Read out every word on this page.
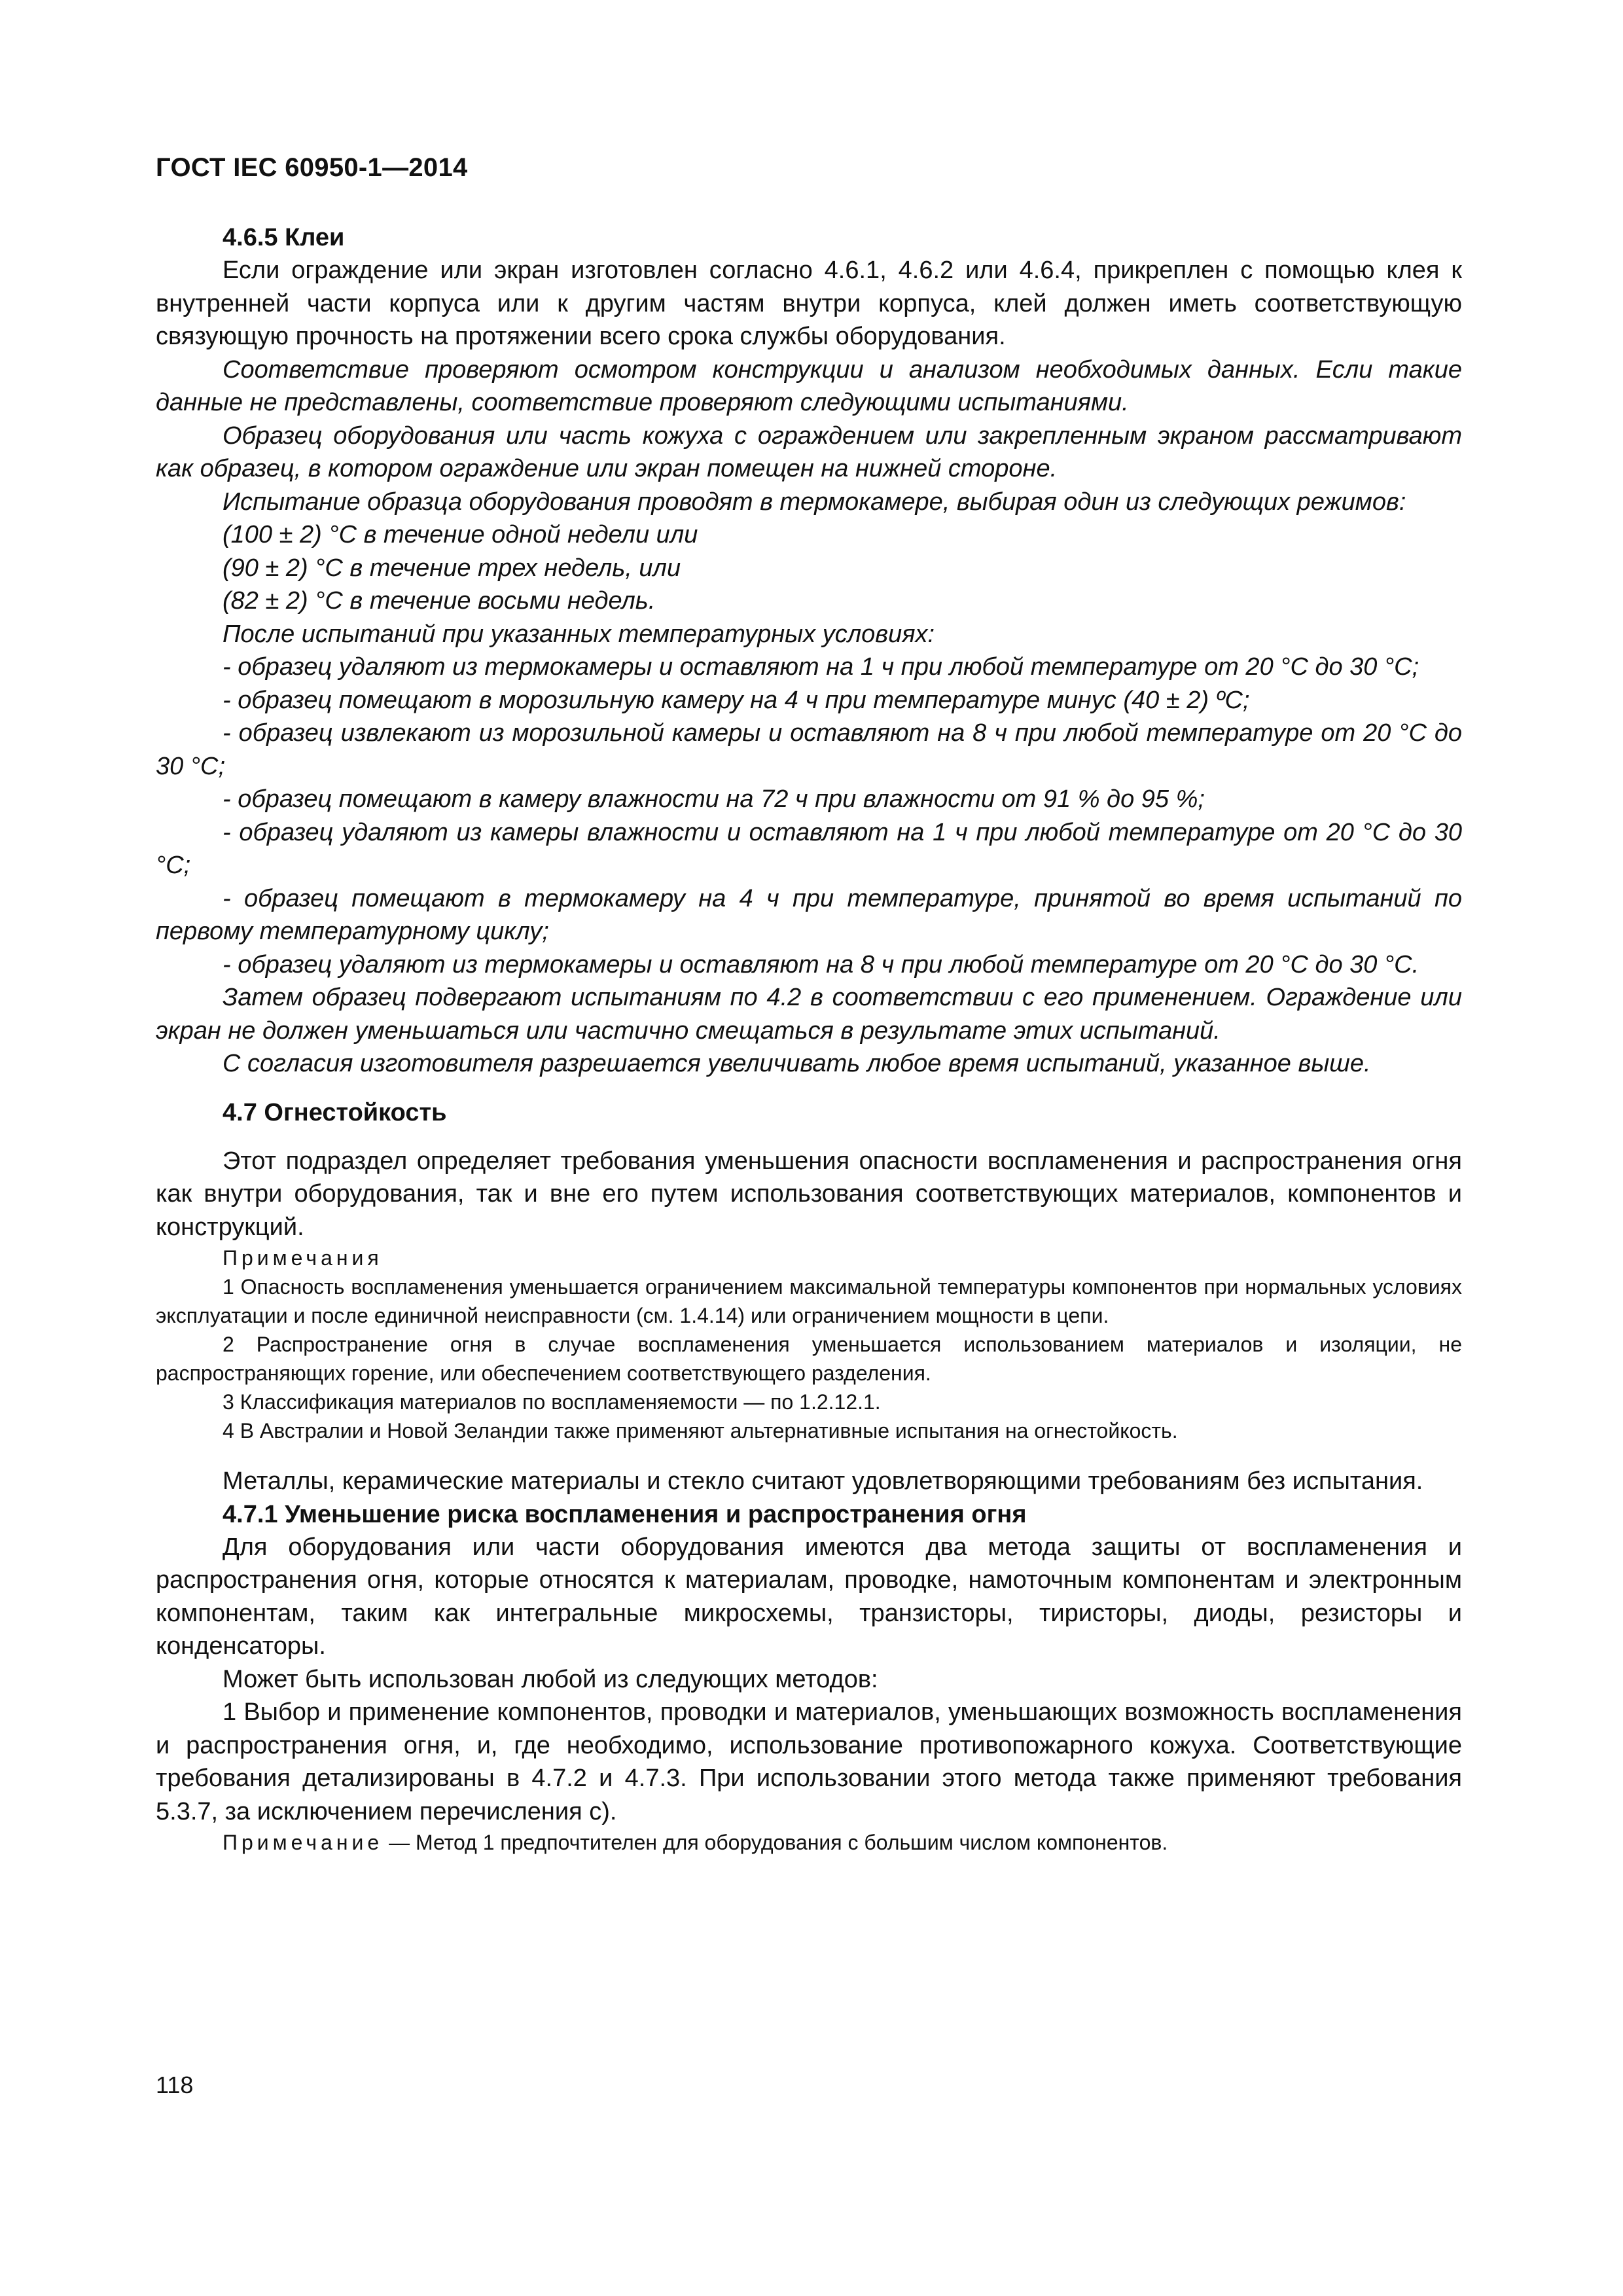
ГОСТ IEC 60950-1—2014

4.6.5 Клеи

Если ограждение или экран изготовлен согласно 4.6.1, 4.6.2 или 4.6.4, прикреплен с помощью клея к внутренней части корпуса или к другим частям внутри корпуса, клей должен иметь соответствующую связующую прочность на протяжении всего срока службы оборудования.

Соответствие проверяют осмотром конструкции и анализом необходимых данных. Если такие данные не представлены, соответствие проверяют следующими испытаниями.

Образец оборудования или часть кожуха с ограждением или закрепленным экраном рассматривают как образец, в котором ограждение или экран помещен на нижней стороне.

Испытание образца оборудования проводят в термокамере, выбирая один из следующих режимов:

(100 ± 2) °С в течение одной недели или

(90 ± 2) °С в течение трех недель, или

(82 ± 2) °С в течение восьми недель.

После испытаний при указанных температурных условиях:

- образец удаляют из термокамеры и оставляют на 1 ч при любой температуре от 20 °С до 30 °С;

- образец помещают в морозильную камеру на 4 ч при температуре минус (40 ± 2) ºС;

- образец извлекают из морозильной камеры и оставляют на 8 ч при любой температуре от 20 °С до 30 °С;

- образец помещают в камеру влажности на 72 ч при влажности от 91 % до 95 %;

- образец удаляют из камеры влажности и оставляют на 1 ч при любой температуре от 20 °С до 30 °С;

- образец помещают в термокамеру на 4 ч при температуре, принятой во время испытаний по первому температурному циклу;

- образец удаляют из термокамеры и оставляют на 8 ч при любой температуре от 20 °С до 30 °С.

Затем образец подвергают испытаниям по 4.2 в соответствии с его применением. Ограждение или экран не должен уменьшаться или частично смещаться в результате этих испытаний.

С согласия изготовителя разрешается увеличивать любое время испытаний, указанное выше.

4.7 Огнестойкость

Этот подраздел определяет требования уменьшения опасности воспламенения и распространения огня как внутри оборудования, так и вне его путем использования соответствующих материалов, компонентов и конструкций.

Примечания

1 Опасность воспламенения уменьшается ограничением максимальной температуры компонентов при нормальных условиях эксплуатации и после единичной неисправности (см. 1.4.14) или ограничением мощности в цепи.

2 Распространение огня в случае воспламенения уменьшается использованием материалов и изоляции, не распространяющих горение, или обеспечением соответствующего разделения.

3 Классификация материалов по воспламеняемости — по 1.2.12.1.

4 В Австралии и Новой Зеландии также применяют альтернативные испытания на огнестойкость.

Металлы, керамические материалы и стекло считают удовлетворяющими требованиям без испытания.

4.7.1 Уменьшение риска воспламенения и распространения огня

Для оборудования или части оборудования имеются два метода защиты от воспламенения и распространения огня, которые относятся к материалам, проводке, намоточным компонентам и электронным компонентам, таким как интегральные микросхемы, транзисторы, тиристоры, диоды, резисторы и конденсаторы.

Может быть использован любой из следующих методов:

1 Выбор и применение компонентов, проводки и материалов, уменьшающих возможность воспламенения и распространения огня, и, где необходимо, использование противопожарного кожуха. Соответствующие требования детализированы в 4.7.2 и 4.7.3. При использовании этого метода также применяют требования 5.3.7, за исключением перечисления с).

Примечание — Метод 1 предпочтителен для оборудования с большим числом компонентов.

118
